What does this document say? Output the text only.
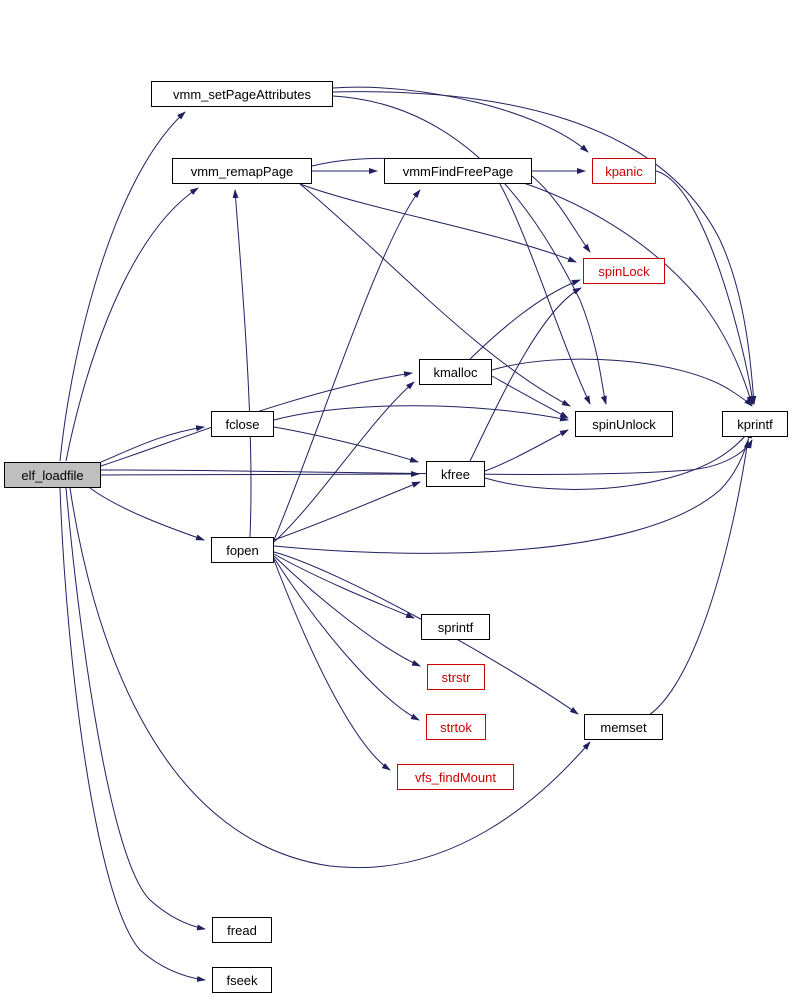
elf_loadfile
vmm_setPageAttributes
vmm_remapPage	vmmFindFreePage	kpanic
spinLock
kmalloc
fclose	spinUnlock	kprintf
kfree
fopen
sprintf
strstr
strtok	memset
vfs_findMount
fread
fseek
